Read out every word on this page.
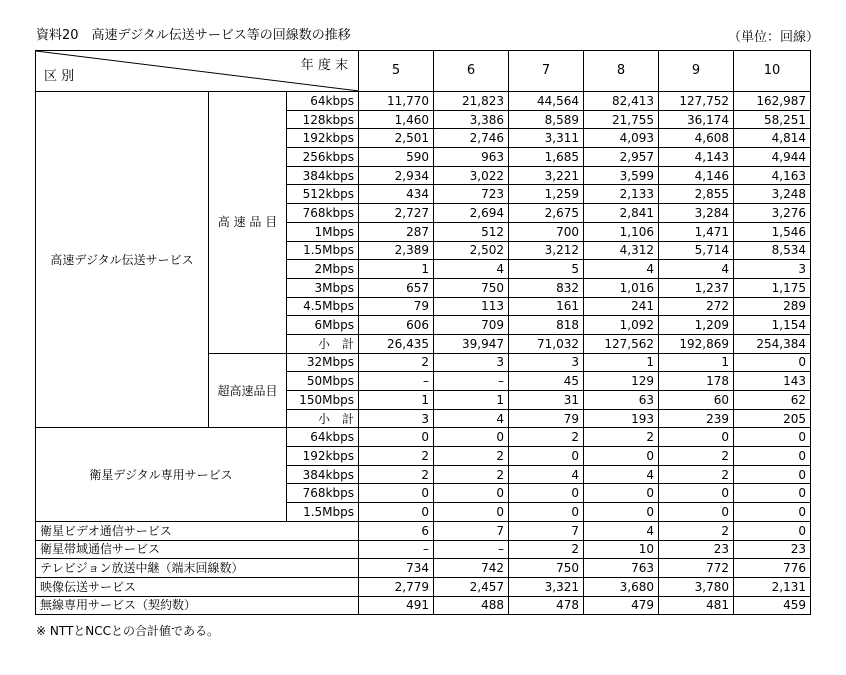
資料20　高速デジタル伝送サービス等の回線数の推移	（単位：回線）
年 度 末
区 別			5	6	7	8	9	10
高速デジタル伝送サービス	高 速 品 目	64kbps	11,770	21,823	44,564	82,413	127,752	162,987
		128kbps	1,460	3,386	8,589	21,755	36,174	58,251
		192kbps	2,501	2,746	3,311	4,093	4,608	4,814
		256kbps	590	963	1,685	2,957	4,143	4,944
		384kbps	2,934	3,022	3,221	3,599	4,146	4,163
		512kbps	434	723	1,259	2,133	2,855	3,248
		768kbps	2,727	2,694	2,675	2,841	3,284	3,276
		1Mbps	287	512	700	1,106	1,471	1,546
		1.5Mbps	2,389	2,502	3,212	4,312	5,714	8,534
		2Mbps	1	4	5	4	4	3
		3Mbps	657	750	832	1,016	1,237	1,175
		4.5Mbps	79	113	161	241	272	289
		6Mbps	606	709	818	1,092	1,209	1,154
		小　計	26,435	39,947	71,032	127,562	192,869	254,384
	超高速品目	32Mbps	2	3	3	1	1	0
		50Mbps	–	–	45	129	178	143
		150Mbps	1	1	31	63	60	62
		小　計	3	4	79	193	239	205
衛星デジタル専用サービス		64kbps	0	0	2	2	0	0
		192kbps	2	2	0	0	2	0
		384kbps	2	2	4	4	2	0
		768kbps	0	0	0	0	0	0
		1.5Mbps	0	0	0	0	0	0
衛星ビデオ通信サービス			6	7	7	4	2	0
衛星帯域通信サービス			–	–	2	10	23	23
テレビジョン放送中継（端末回線数）			734	742	750	763	772	776
映像伝送サービス			2,779	2,457	3,321	3,680	3,780	2,131
無線専用サービス（契約数）			491	488	478	479	481	459
※ NTTとNCCとの合計値である。
